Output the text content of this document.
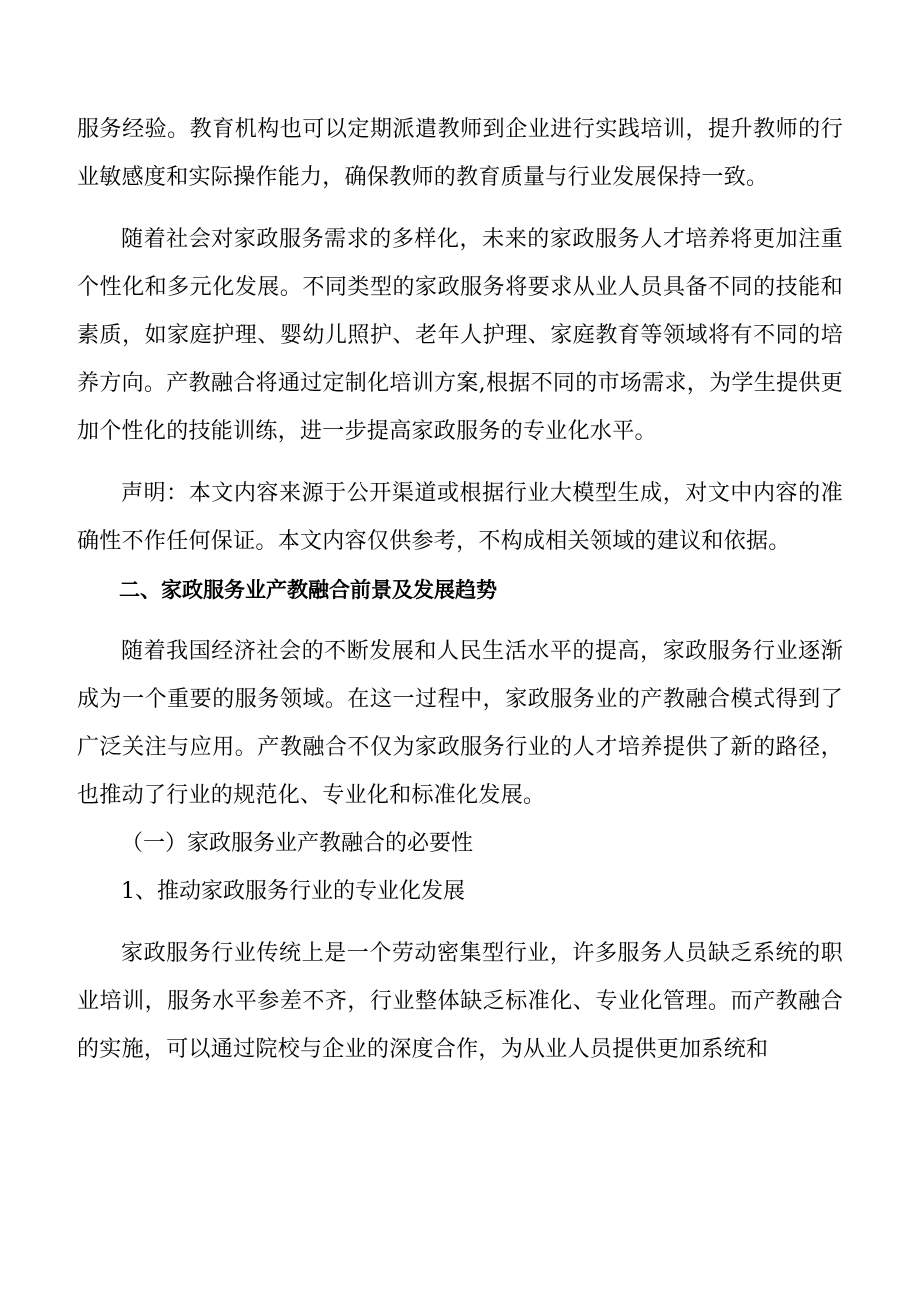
服务经验。教育机构也可以定期派遣教师到企业进行实践培训，提升教师的行业敏感度和实际操作能力，确保教师的教育质量与行业发展保持一致。

随着社会对家政服务需求的多样化，未来的家政服务人才培养将更加注重个性化和多元化发展。不同类型的家政服务将要求从业人员具备不同的技能和素质，如家庭护理、婴幼儿照护、老年人护理、家庭教育等领域将有不同的培养方向。产教融合将通过定制化培训方案,根据不同的市场需求，为学生提供更加个性化的技能训练，进一步提高家政服务的专业化水平。

声明：本文内容来源于公开渠道或根据行业大模型生成，对文中内容的准确性不作任何保证。本文内容仅供参考，不构成相关领域的建议和依据。

二、家政服务业产教融合前景及发展趋势

随着我国经济社会的不断发展和人民生活水平的提高，家政服务行业逐渐成为一个重要的服务领域。在这一过程中，家政服务业的产教融合模式得到了广泛关注与应用。产教融合不仅为家政服务行业的人才培养提供了新的路径，也推动了行业的规范化、专业化和标准化发展。

（一）家政服务业产教融合的必要性

1、推动家政服务行业的专业化发展

家政服务行业传统上是一个劳动密集型行业，许多服务人员缺乏系统的职业培训，服务水平参差不齐，行业整体缺乏标准化、专业化管理。而产教融合的实施，可以通过院校与企业的深度合作，为从业人员提供更加系统和
